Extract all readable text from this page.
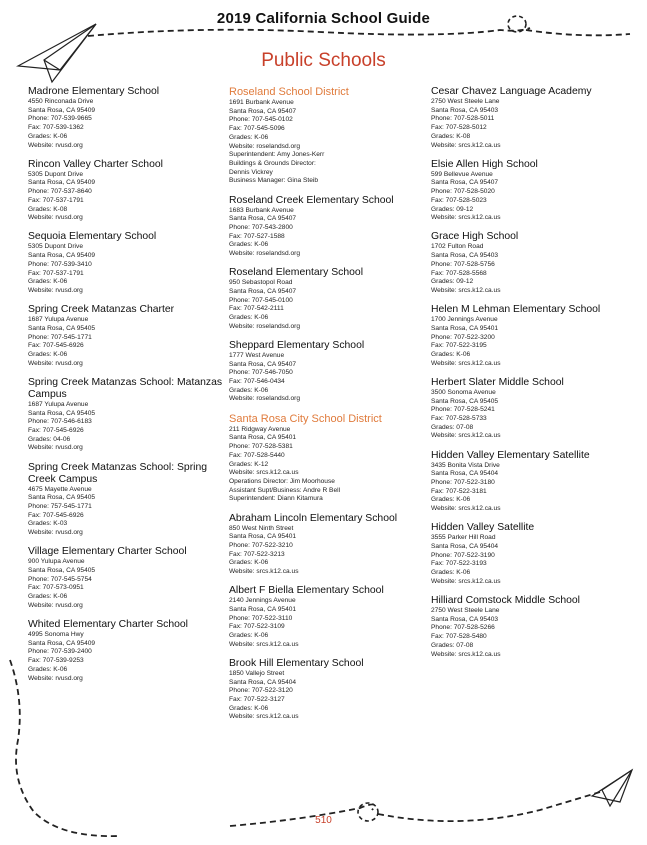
2019 California School Guide
Public Schools
Madrone Elementary School
4550 Rinconada Drive
Santa Rosa, CA 95409
Phone: 707-539-9665
Fax: 707-539-1362
Grades: K-06
Website: rvusd.org
Rincon Valley Charter School
5305 Dupont Drive
Santa Rosa, CA 95409
Phone: 707-537-8640
Fax: 707-537-1791
Grades: K-08
Website: rvusd.org
Sequoia Elementary School
5305 Dupont Drive
Santa Rosa, CA 95409
Phone: 707-539-3410
Fax: 707-537-1791
Grades: K-06
Website: rvusd.org
Spring Creek Matanzas Charter
1687 Yulupa Avenue
Santa Rosa, CA 95405
Phone: 707-545-1771
Fax: 707-545-6926
Grades: K-06
Website: rvusd.org
Spring Creek Matanzas School: Matanzas Campus
1687 Yulupa Avenue
Santa Rosa, CA 95405
Phone: 707-546-6183
Fax: 707-545-6926
Grades: 04-06
Website: rvusd.org
Spring Creek Matanzas School: Spring Creek Campus
4675 Mayette Avenue
Santa Rosa, CA 95405
Phone: 757-545-1771
Fax: 707-545-6926
Grades: K-03
Website: rvusd.org
Village Elementary Charter School
900 Yulupa Avenue
Santa Rosa, CA 95405
Phone: 707-545-5754
Fax: 707-573-0951
Grades: K-06
Website: rvusd.org
Whited Elementary Charter School
4995 Sonoma Hwy
Santa Rosa, CA 95409
Phone: 707-539-2400
Fax: 707-539-9253
Grades: K-06
Website: rvusd.org
Roseland School District
1691 Burbank Avenue
Santa Rosa, CA 95407
Phone: 707-545-0102
Fax: 707-545-5096
Grades: K-06
Website: roselandsd.org
Superintendent: Amy Jones-Kerr
Buildings & Grounds Director:
Dennis Vickrey
Business Manager: Gina Steib
Roseland Creek Elementary School
1683 Burbank Avenue
Santa Rosa, CA 95407
Phone: 707-543-2800
Fax: 707-527-1588
Grades: K-06
Website: roselandsd.org
Roseland Elementary School
950 Sebastopol Road
Santa Rosa, CA 95407
Phone: 707-545-0100
Fax: 707-542-2111
Grades: K-06
Website: roselandsd.org
Sheppard Elementary School
1777 West Avenue
Santa Rosa, CA 95407
Phone: 707-546-7050
Fax: 707-546-0434
Grades: K-06
Website: roselandsd.org
Santa Rosa City School District
211 Ridgway Avenue
Santa Rosa, CA 95401
Phone: 707-528-5381
Fax: 707-528-5440
Grades: K-12
Website: srcs.k12.ca.us
Operations Director: Jim Moorhouse
Assistant Supt/Business: Andre R Bell
Superintendent: Diann Kitamura
Abraham Lincoln Elementary School
850 West Ninth Street
Santa Rosa, CA 95401
Phone: 707-522-3210
Fax: 707-522-3213
Grades: K-06
Website: srcs.k12.ca.us
Albert F Biella Elementary School
2140 Jennings Avenue
Santa Rosa, CA 95401
Phone: 707-522-3110
Fax: 707-522-3109
Grades: K-06
Website: srcs.k12.ca.us
Brook Hill Elementary School
1850 Vallejo Street
Santa Rosa, CA 95404
Phone: 707-522-3120
Fax: 707-522-3127
Grades: K-06
Website: srcs.k12.ca.us
Cesar Chavez Language Academy
2750 West Steele Lane
Santa Rosa, CA 95403
Phone: 707-528-5011
Fax: 707-528-5012
Grades: K-08
Website: srcs.k12.ca.us
Elsie Allen High School
599 Bellevue Avenue
Santa Rosa, CA 95407
Phone: 707-528-5020
Fax: 707-528-5023
Grades: 09-12
Website: srcs.k12.ca.us
Grace High School
1702 Fulton Road
Santa Rosa, CA 95403
Phone: 707-528-5756
Fax: 707-528-5568
Grades: 09-12
Website: srcs.k12.ca.us
Helen M Lehman Elementary School
1700 Jennings Avenue
Santa Rosa, CA 95401
Phone: 707-522-3200
Fax: 707-522-3195
Grades: K-06
Website: srcs.k12.ca.us
Herbert Slater Middle School
3500 Sonoma Avenue
Santa Rosa, CA 95405
Phone: 707-528-5241
Fax: 707-528-5733
Grades: 07-08
Website: srcs.k12.ca.us
Hidden Valley Elementary Satellite
3435 Bonita Vista Drive
Santa Rosa, CA 95404
Phone: 707-522-3180
Fax: 707-522-3181
Grades: K-06
Website: srcs.k12.ca.us
Hidden Valley Satellite
3555 Parker Hill Road
Santa Rosa, CA 95404
Phone: 707-522-3190
Fax: 707-522-3193
Grades: K-06
Website: srcs.k12.ca.us
Hilliard Comstock Middle School
2750 West Steele Lane
Santa Rosa, CA 95403
Phone: 707-528-5266
Fax: 707-528-5480
Grades: 07-08
Website: srcs.k12.ca.us
510
